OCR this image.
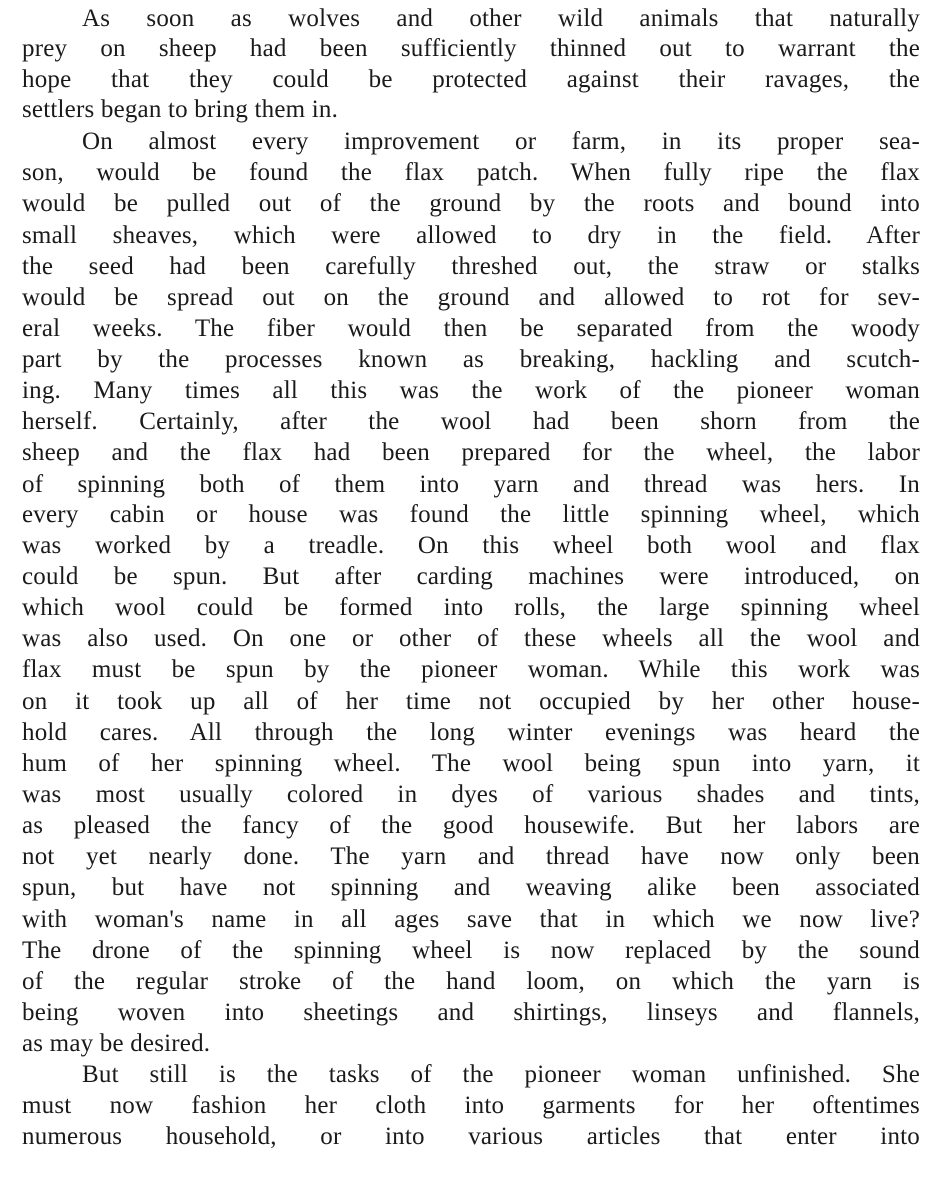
As soon as wolves and other wild animals that naturally

prey on sheep had been sufficiently thinned out to warrant the

hope that they could be protected against their ravages, the

settlers began to bring them in.

On almost every improvement or farm, in its proper sea-

son, would be found the flax patch. When fully ripe the flax

would be pulled out of the ground by the roots and bound into

small sheaves, which were allowed to dry in the field. After

the seed had been carefully threshed out, the straw or stalks

would be spread out on the ground and allowed to rot for sev-

eral weeks. The fiber would then be separated from the woody

part by the processes known as breaking, hackling and scutch-

ing. Many times all this was the work of the pioneer woman

herself. Certainly, after the wool had been shorn from the

sheep and the flax had been prepared for the wheel, the labor

of spinning both of them into yarn and thread was hers. In

every cabin or house was found the little spinning wheel, which

was worked by a treadle. On this wheel both wool and flax

could be spun. But after carding machines were introduced, on

which wool could be formed into rolls, the large spinning wheel

was also used. On one or other of these wheels all the wool and

flax must be spun by the pioneer woman. While this work was

on it took up all of her time not occupied by her other house-

hold cares. All through the long winter evenings was heard the

hum of her spinning wheel. The wool being spun into yarn, it

was most usually colored in dyes of various shades and tints,

as pleased the fancy of the good housewife. But her labors are

not yet nearly done. The yarn and thread have now only been

spun, but have not spinning and weaving alike been associated

with woman's name in all ages save that in which we now live?

The drone of the spinning wheel is now replaced by the sound

of the regular stroke of the hand loom, on which the yarn is

being woven into sheetings and shirtings, linseys and flannels,

as may be desired.

But still is the tasks of the pioneer woman unfinished. She

must now fashion her cloth into garments for her oftentimes

numerous household, or into various articles that enter into
